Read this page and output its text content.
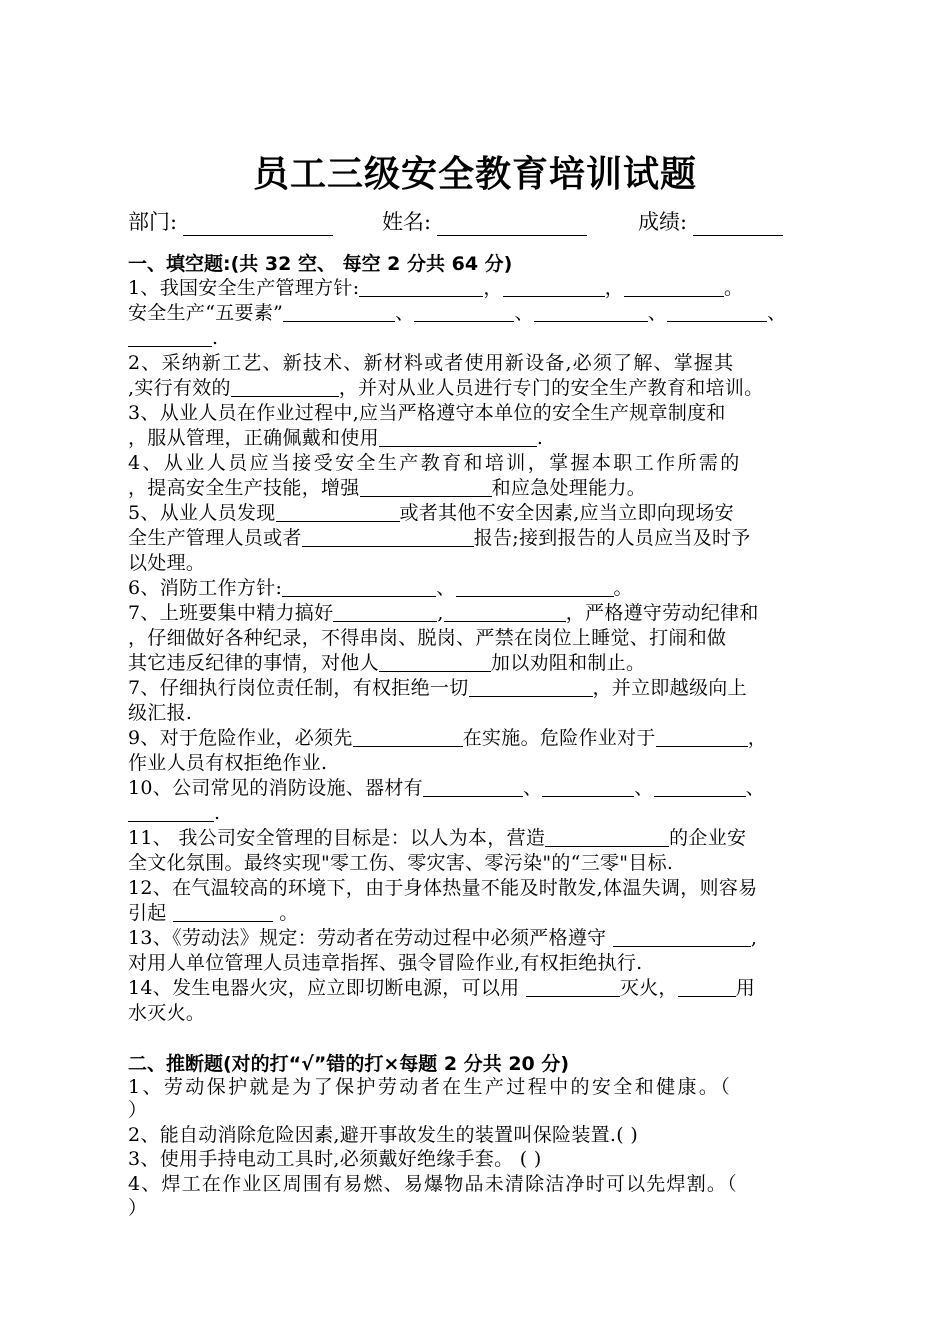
员工三级安全教育培训试题
部门:	姓名:	成绩:
一、填空题:(共 32 空、 每空 2 分共 64 分)
1、我国安全生产管理方针:	，	，	。
安全生产“五要素”	、	、	、	、
.
2、采纳新工艺、新技术、新材料或者使用新设备,必须了解、掌握其
,实行有效的	，并对从业人员进行专门的安全生产教育和培训。
3、从业人员在作业过程中,应当严格遵守本单位的安全生产规章制度和
，服从管理，正确佩戴和使用	.
4、从业人员应当接受安全生产教育和培训，掌握本职工作所需的
，提高安全生产技能，增强	和应急处理能力。
5、从业人员发现	或者其他不安全因素,应当立即向现场安
全生产管理人员或者	报告;接到报告的人员应当及时予
以处理。
6、消防工作方针:	、	。
7、上班要集中精力搞好	,	，严格遵守劳动纪律和
，仔细做好各种纪录，不得串岗、脱岗、严禁在岗位上睡觉、打闹和做
其它违反纪律的事情，对他人	加以劝阻和制止。
7、仔细执行岗位责任制，有权拒绝一切	，并立即越级向上
级汇报.
9、对于危险作业，必须先	在实施。危险作业对于	，
作业人员有权拒绝作业.
10、公司常见的消防设施、器材有	、	、	、
.
11、 我公司安全管理的目标是：以人为本，营造	的企业安
全文化氛围。最终实现"零工伤、零灾害、零污染"的“三零"目标.
12、在气温较高的环境下，由于身体热量不能及时散发,体温失调，则容易
引起	。
13、《劳动法》规定：劳动者在劳动过程中必须严格遵守	,
对用人单位管理人员违章指挥、强令冒险作业,有权拒绝执行.
14、发生电器火灾，应立即切断电源，可以用	灭火，	用
水灭火。
二、推断题(对的打“√”错的打×每题 2 分共 20 分)
1、劳动保护就是为了保护劳动者在生产过程中的安全和健康。（
）
2、能自动消除危险因素,避开事故发生的装置叫保险装置.( )
3、使用手持电动工具时,必须戴好绝缘手套。 ( )
4、焊工在作业区周围有易燃、易爆物品未清除洁净时可以先焊割。（
）
